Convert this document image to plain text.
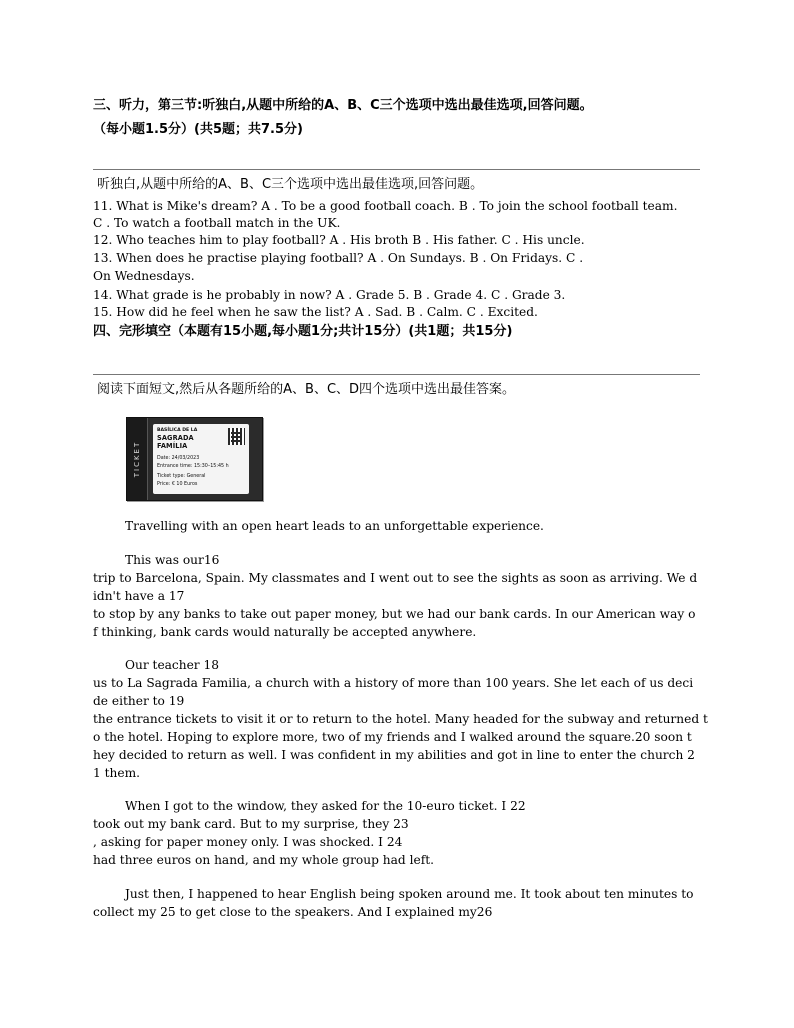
三、听力，第三节:听独白,从题中所给的A、B、C三个选项中选出最佳选项,回答问题。
（每小题1.5分）(共5题；共7.5分)
听独白,从题中所给的A、B、C三个选项中选出最佳选项,回答问题。
11. What is Mike's dream? A . To be a good football coach. B . To join the school football team.
C . To watch a football match in the UK.
12. Who teaches him to play football? A . His broth B . His father. C . His uncle.
13. When does he practise playing football? A . On Sundays. B . On Fridays. C .
On Wednesdays.
14. What grade is he probably in now? A . Grade 5. B . Grade 4. C . Grade 3.
15. How did he feel when he saw the list? A . Sad. B . Calm. C . Excited.
四、完形填空（本题有15小题,每小题1分;共计15分）(共1题；共15分)
阅读下面短文,然后从各题所给的A、B、C、D四个选项中选出最佳答案。
TICKET
BASÍLICA DE LA
SAGRADA
FAMÍLIA
Date: 24/03/2023
Entrance time: 15:30–15:45 h
Ticket type: General
Price: € 10 Euros
Travelling with an open heart leads to an unforgettable experience.
This was our16
trip to Barcelona, Spain. My classmates and I went out to see the sights as soon as arriving. We d
idn't have a 17
to stop by any banks to take out paper money, but we had our bank cards. In our American way o
f thinking, bank cards would naturally be accepted anywhere.
Our teacher 18
us to La Sagrada Familia, a church with a history of more than 100 years. She let each of us deci
de either to 19
the entrance tickets to visit it or to return to the hotel. Many headed for the subway and returned t
o the hotel. Hoping to explore more, two of my friends and I walked around the square.20 soon t
hey decided to return as well. I was confident in my abilities and got in line to enter the church 2
1 them.
When I got to the window, they asked for the 10-euro ticket. I 22
took out my bank card. But to my surprise, they 23
, asking for paper money only. I was shocked. I 24
had three euros on hand, and my whole group had left.
Just then, I happened to hear English being spoken around me. It took about ten minutes to
collect my 25 to get close to the speakers. And I explained my26
